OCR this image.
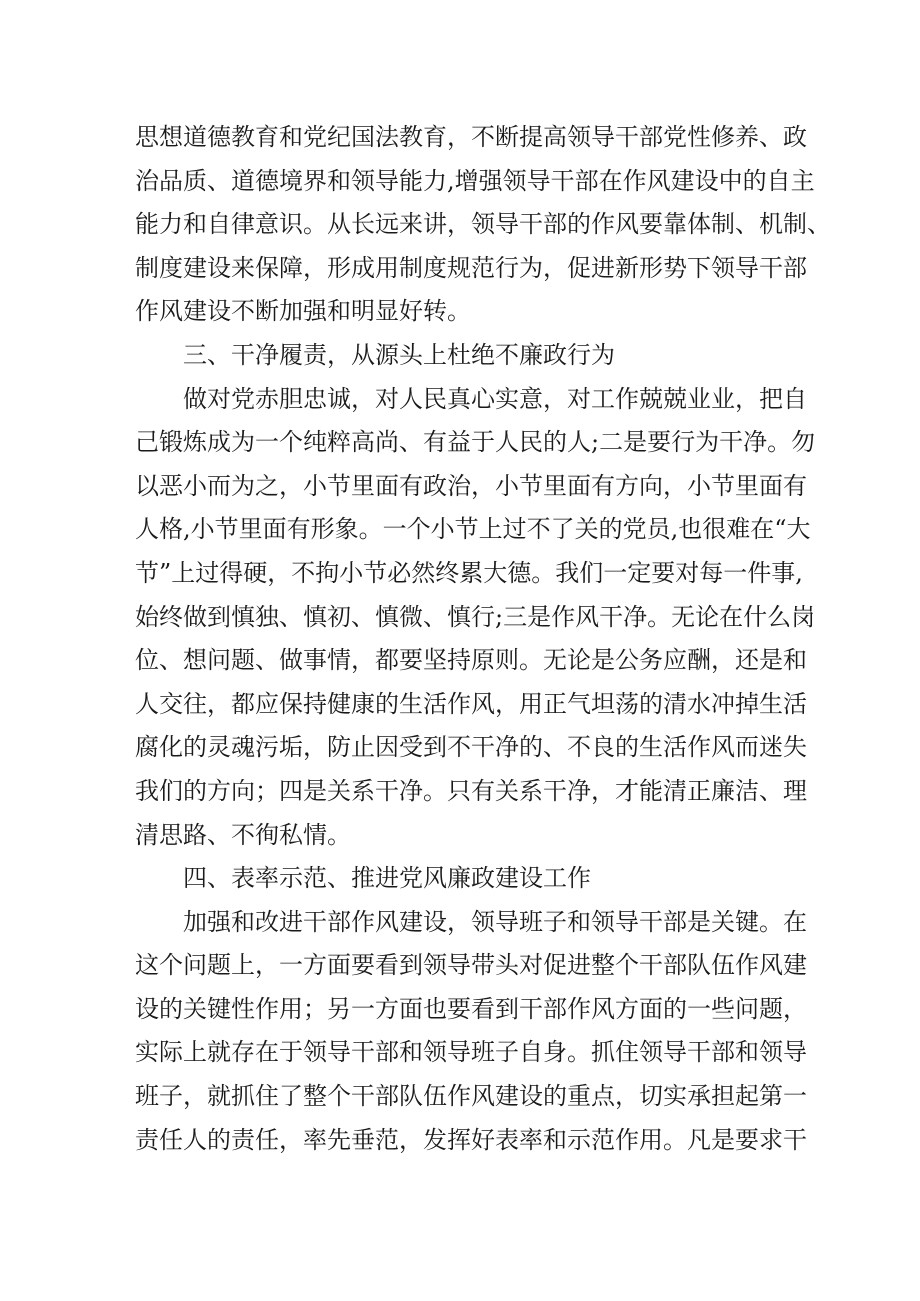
思想道德教育和党纪国法教育，不断提高领导干部党性修养、政
治品质、道德境界和领导能力,增强领导干部在作风建设中的自主
能力和自律意识。从长远来讲，领导干部的作风要靠体制、机制、
制度建设来保障，形成用制度规范行为，促进新形势下领导干部
作风建设不断加强和明显好转。
三、干净履责，从源头上杜绝不廉政行为
做对党赤胆忠诚，对人民真心实意，对工作兢兢业业，把自
己锻炼成为一个纯粹高尚、有益于人民的人;二是要行为干净。勿
以恶小而为之，小节里面有政治，小节里面有方向，小节里面有
人格,小节里面有形象。一个小节上过不了关的党员,也很难在“大
节”上过得硬，不拘小节必然终累大德。我们一定要对每一件事,
始终做到慎独、慎初、慎微、慎行;三是作风干净。无论在什么岗
位、想问题、做事情，都要坚持原则。无论是公务应酬，还是和
人交往，都应保持健康的生活作风，用正气坦荡的清水冲掉生活
腐化的灵魂污垢，防止因受到不干净的、不良的生活作风而迷失
我们的方向；四是关系干净。只有关系干净，才能清正廉洁、理
清思路、不徇私情。
四、表率示范、推进党风廉政建设工作
加强和改进干部作风建设，领导班子和领导干部是关键。在
这个问题上，一方面要看到领导带头对促进整个干部队伍作风建
设的关键性作用；另一方面也要看到干部作风方面的一些问题，
实际上就存在于领导干部和领导班子自身。抓住领导干部和领导
班子，就抓住了整个干部队伍作风建设的重点，切实承担起第一
责任人的责任，率先垂范，发挥好表率和示范作用。凡是要求干
